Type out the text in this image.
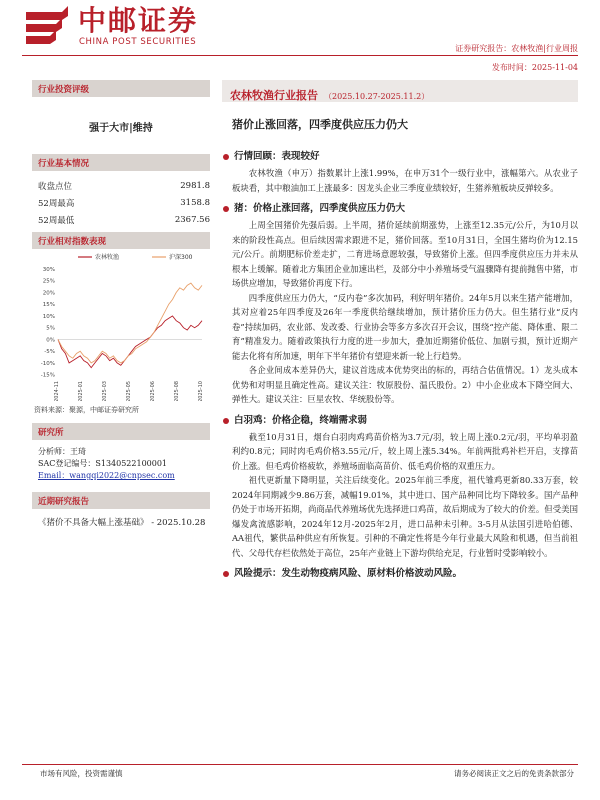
中邮证券
CHINA POST SECURITIES
证券研究报告：农林牧渔|行业周报
发布时间：2025-11-04
行业投资评级
强于大市|维持
行业基本情况
收盘点位	2981.8
52周最高	3158.8
52周最低	2367.56
行业相对指数表现
30%
25%
20%
15%
10%
5%
0%
-5%
-10%
-15%
2024-11	2025-01	2025-03	2025-05	2025-06	2025-08	2025-10
农林牧渔	沪深300
资料来源：聚源，中邮证券研究所
研究所
分析师：王琦
SAC登记编号：S1340522100001
Email：wangqi2022@cnpsec.com
近期研究报告
《猪价不具备大幅上涨基础》 - 2025.10.28
农林牧渔行业报告 （2025.10.27-2025.11.2）
猪价止涨回落，四季度供应压力仍大
行情回顾：表现较好
农林牧渔（申万）指数累计上涨1.99%，在申万31个一级行业中，涨幅第六。从农业子板块看，其中粮油加工上涨最多：因龙头企业三季度业绩较好，生猪养殖板块反弹较多。
猪：价格止涨回落，四季度供应压力仍大
上周全国猪价先强后弱。上半周，猪价延续前期涨势，上涨至12.35元/公斤，为10月以来的阶段性高点。但后续因需求跟进不足，猪价回落。至10月31日，全国生猪均价为12.15元/公斤。前期肥标价差走扩，二育进场意愿较强，导致猪价上涨。但四季度供应压力并未从根本上缓解。随着北方集团企业加速出栏，及部分中小养殖场受气温骤降有提前抛售中猪，市场供应增加，导致猪价再度下行。
四季度供应压力仍大，“反内卷”多次加码，利好明年猪价。24年5月以来生猪产能增加，其对应着25年四季度及26年一季度供给继续增加，预计猪价压力仍大。但生猪行业“反内卷”持续加码，农业部、发改委、行业协会等多方多次召开会议，围绕“控产能、降体重、限二育”精准发力。随着政策执行力度的进一步加大，叠加近期猪价低位、加剧亏损，预计近期产能去化将有所加速，明年下半年猪价有望迎来新一轮上行趋势。
各企业间成本差异仍大，建议首选成本优势突出的标的，再结合估值情况。1）龙头成本优势和对明显且确定性高。建议关注：牧原股份、温氏股份。2）中小企业成本下降空间大、弹性大。建议关注：巨星农牧、华统股份等。
白羽鸡：价格企稳，终端需求弱
截至10月31日，烟台白羽肉鸡鸡苗价格为3.7元/羽，较上周上涨0.2元/羽，平均单羽盈利约0.8元；同时肉毛鸡价格3.55元/斤，较上周上涨5.34%。年前两批鸡补栏开启，支撑苗价上涨。但毛鸡价格疲软，养殖场面临高苗价、低毛鸡价格的双重压力。
祖代更新量下降明显，关注后续变化。2025年前三季度，祖代雏鸡更新80.33万套，较2024年同期减少9.86万套，减幅19.01%，其中进口、国产品种同比均下降较多。国产品种仍处于市场开拓期，尚商品代养殖场优先选择进口鸡苗，故后期成为了较大的价差。但受美国爆发禽流感影响，2024年12月-2025年2月，进口品种未引种。3-5月从法国引进哈伯德、AA祖代，繁供品种供应有所恢复。引种的不确定性将是今年行业最大风险和机遇，但当前祖代、父母代存栏依然处于高位，25年产业链上下游均供给充足，行业暂时受影响较小。
风险提示：发生动物疫病风险、原材料价格波动风险。
市场有风险，投资需谨慎	请务必阅读正文之后的免责条款部分
